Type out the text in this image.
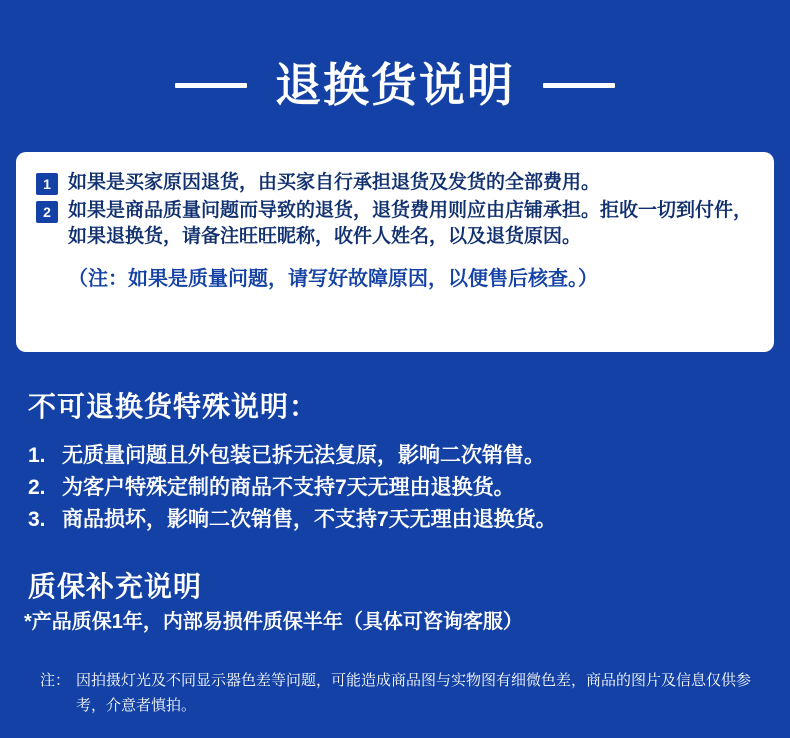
退换货说明
1 如果是买家原因退货，由买家自行承担退货及发货的全部费用。
2 如果是商品质量问题而导致的退货，退货费用则应由店铺承担。拒收一切到付件，如果退换货，请备注旺旺昵称，收件人姓名，以及退货原因。
（注：如果是质量问题，请写好故障原因，以便售后核查。）
不可退换货特殊说明：
1. 无质量问题且外包装已拆无法复原，影响二次销售。
2. 为客户特殊定制的商品不支持7天无理由退换货。
3. 商品损坏，影响二次销售，不支持7天无理由退换货。
质保补充说明
*产品质保1年，内部易损件质保半年（具体可咨询客服）
注： 因拍摄灯光及不同显示器色差等问题，可能造成商品图与实物图有细微色差，商品的图片及信息仅供参考，介意者慎拍。
